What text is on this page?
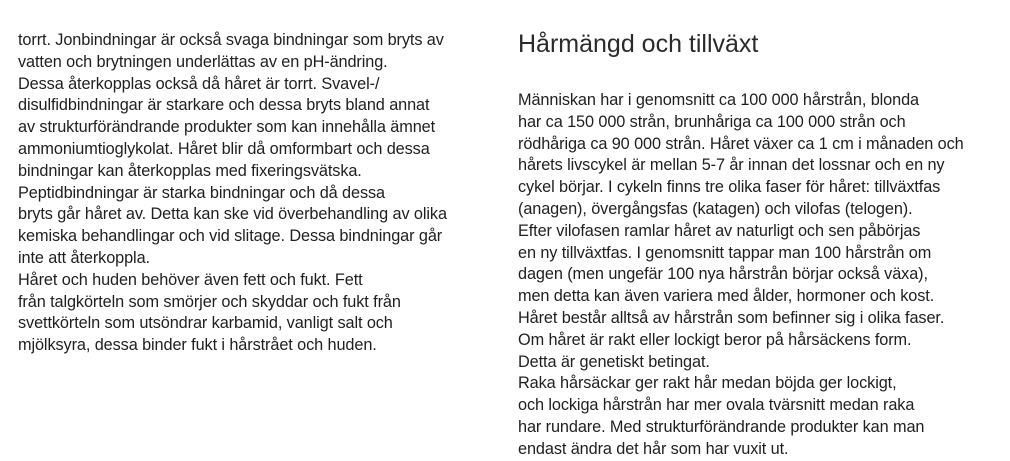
torrt. Jonbindningar är också svaga bindningar som bryts av
vatten och brytningen underlättas av en pH-ändring.

Dessa återkopplas också då håret är torrt. Svavel-/
disulfidbindningar är starkare och dessa bryts bland annat
av strukturförändrande produkter som kan innehålla ämnet
ammoniumtioglykolat. Håret blir då omformbart och dessa
bindningar kan återkopplas med fixeringsvätska.

Peptidbindningar är starka bindningar och då dessa
bryts går håret av. Detta kan ske vid överbehandling av olika
kemiska behandlingar och vid slitage. Dessa bindningar går
inte att återkoppla.

Håret och huden behöver även fett och fukt. Fett
från talgkörteln som smörjer och skyddar och fukt från
svettkörteln som utsöndrar karbamid, vanligt salt och
mjölksyra, dessa binder fukt i hårstrået och huden.

Hårmängd och tillväxt

Människan har i genomsnitt ca 100 000 hårstrån, blonda
har ca 150 000 strån, brunhåriga ca 100 000 strån och
rödhåriga ca 90 000 strån. Håret växer ca 1 cm i månaden och
hårets livscykel är mellan 5-7 år innan det lossnar och en ny
cykel börjar. I cykeln finns tre olika faser för håret: tillväxtfas
(anagen), övergångsfas (katagen) och vilofas (telogen).

Efter vilofasen ramlar håret av naturligt och sen påbörjas
en ny tillväxtfas. I genomsnitt tappar man 100 hårstrån om
dagen (men ungefär 100 nya hårstrån börjar också växa),
men detta kan även variera med ålder, hormoner och kost.
Håret består alltså av hårstrån som befinner sig i olika faser.

Om håret är rakt eller lockigt beror på hårsäckens form.
Detta är genetiskt betingat.

Raka hårsäckar ger rakt hår medan böjda ger lockigt,
och lockiga hårstrån har mer ovala tvärsnitt medan raka
har rundare. Med strukturförändrande produkter kan man
endast ändra det hår som har vuxit ut.
